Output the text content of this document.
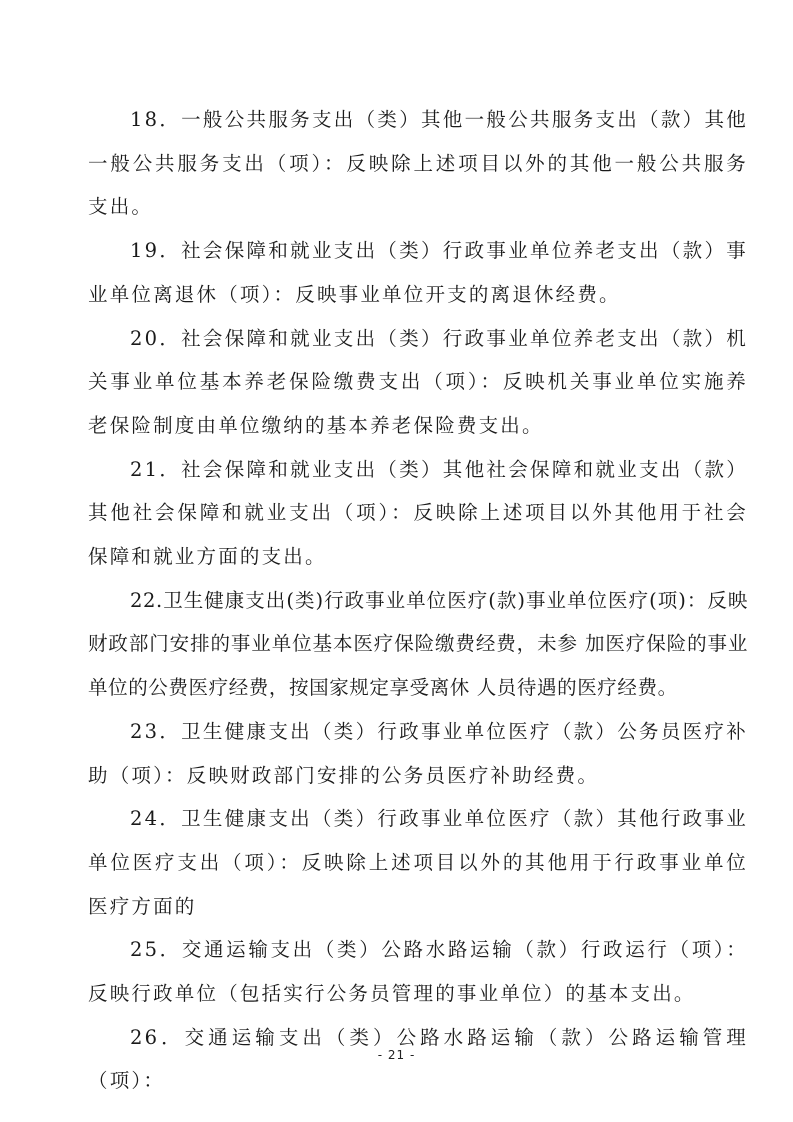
18．一般公共服务支出（类）其他一般公共服务支出（款）其他一般公共服务支出（项）：反映除上述项目以外的其他一般公共服务支出。

19．社会保障和就业支出（类）行政事业单位养老支出（款）事业单位离退休（项）：反映事业单位开支的离退休经费。

20．社会保障和就业支出（类）行政事业单位养老支出（款）机关事业单位基本养老保险缴费支出（项）：反映机关事业单位实施养老保险制度由单位缴纳的基本养老保险费支出。

21．社会保障和就业支出（类）其他社会保障和就业支出（款）其他社会保障和就业支出（项）：反映除上述项目以外其他用于社会保障和就业方面的支出。

22.卫生健康支出(类)行政事业单位医疗(款)事业单位医疗(项)：反映财政部门安排的事业单位基本医疗保险缴费经费，未参 加医疗保险的事业单位的公费医疗经费，按国家规定享受离休 人员待遇的医疗经费。

23．卫生健康支出（类）行政事业单位医疗（款）公务员医疗补助（项）：反映财政部门安排的公务员医疗补助经费。

24．卫生健康支出（类）行政事业单位医疗（款）其他行政事业单位医疗支出（项）：反映除上述项目以外的其他用于行政事业单位医疗方面的

25．交通运输支出（类）公路水路运输（款）行政运行（项）：反映行政单位（包括实行公务员管理的事业单位）的基本支出。

26．交通运输支出（类）公路水路运输（款）公路运输管理（项）：

- 21 -
